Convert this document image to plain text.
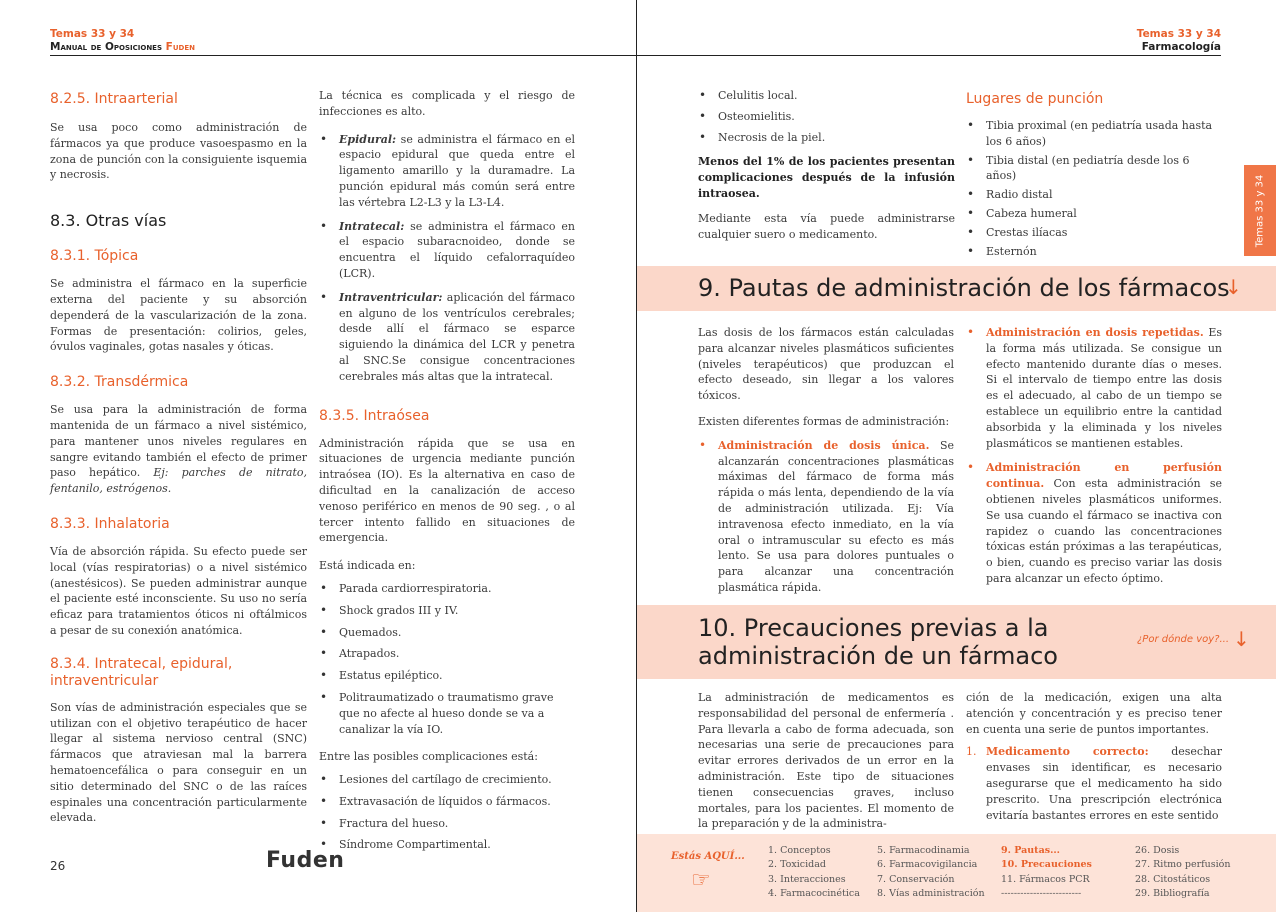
Temas 33 y 34
Manual de Oposiciones Fuden
8.2.5. Intraarterial

Se usa poco como administración de fármacos ya que produce vasoespasmo en la zona de punción con la consiguiente isquemia y necrosis.

8.3. Otras vías
8.3.1. Tópica

Se administra el fármaco en la superficie externa del paciente y su absorción dependerá de la vascularización de la zona. Formas de presentación: colirios, geles, óvulos vaginales, gotas nasales y óticas.

8.3.2. Transdérmica

Se usa para la administración de forma mantenida de un fármaco a nivel sistémico, para mantener unos niveles regulares en sangre evitando también el efecto de primer paso hepático. Ej: parches de nitrato, fentanilo, estrógenos.

8.3.3. Inhalatoria

Vía de absorción rápida. Su efecto puede ser local (vías respiratorias) o a nivel sistémico (anestésicos). Se pueden administrar aunque el paciente esté inconsciente. Su uso no sería eficaz para tratamientos óticos ni oftálmicos a pesar de su conexión anatómica.

8.3.4. Intratecal, epidural, intraventricular

Son vías de administración especiales que se utilizan con el objetivo terapéutico de hacer llegar al sistema nervioso central (SNC) fármacos que atraviesan mal la barrera hematoencefálica o para conseguir en un sitio determinado del SNC o de las raíces espinales una concentración particularmente elevada.

La técnica es complicada y el riesgo de infecciones es alto.

• Epidural: se administra el fármaco en el espacio epidural que queda entre el ligamento amarillo y la duramadre. La punción epidural más común será entre las vértebra L2-L3 y la L3-L4.
• Intratecal: se administra el fármaco en el espacio subaracnoideo, donde se encuentra el líquido cefalorraquídeo (LCR).
• Intraventricular: aplicación del fármaco en alguno de los ventrículos cerebrales; desde allí el fármaco se esparce siguiendo la dinámica del LCR y penetra al SNC.Se consigue concentraciones cerebrales más altas que la intratecal.
8.3.5. Intraósea

Administración rápida que se usa en situaciones de urgencia mediante punción intraósea (IO). Es la alternativa en caso de dificultad en la canalización de acceso venoso periférico en menos de 90 seg. , o al tercer intento fallido en situaciones de emergencia.

Está indicada en:

• Parada cardiorrespiratoria.
• Shock grados III y IV.
• Quemados.
• Atrapados.
• Estatus epiléptico.
• Politraumatizado o traumatismo grave que no afecte al hueso donde se va a canalizar la vía IO.

Entre las posibles complicaciones está:

• Lesiones del cartílago de crecimiento.
• Extravasación de líquidos o fármacos.
• Fractura del hueso.
• Síndrome Compartimental.
26	Fuden
Temas 33 y 34
Farmacología
Temas 33 y 34
• Celulitis local.
• Osteomielitis.
• Necrosis de la piel.

Menos del 1% de los pacientes presentan complicaciones después de la infusión intraosea.

Mediante esta vía puede administrarse cualquier suero o medicamento.

Lugares de punción
• Tibia proximal (en pediatría usada hasta los 6 años)
• Tibia distal (en pediatría desde los 6 años)
• Radio distal
• Cabeza humeral
• Crestas ilíacas
• Esternón
9. Pautas de administración de los fármacos
↓

Las dosis de los fármacos están calculadas para alcanzar niveles plasmáticos suficientes (niveles terapéuticos) que produzcan el efecto deseado, sin llegar a los valores tóxicos.

Existen diferentes formas de administración:

• Administración de dosis única. Se alcanzarán concentraciones plasmáticas máximas del fármaco de forma más rápida o más lenta, dependiendo de la vía de administración utilizada. Ej: Vía intravenosa efecto inmediato, en la vía oral o intramuscular su efecto es más lento. Se usa para dolores puntuales o para alcanzar una concentración plasmática rápida.
• Administración en dosis repetidas. Es la forma más utilizada. Se consigue un efecto mantenido durante días o meses. Si el intervalo de tiempo entre las dosis es el adecuado, al cabo de un tiempo se establece un equilibrio entre la cantidad absorbida y la eliminada y los niveles plasmáticos se mantienen estables.
• Administración en perfusión continua. Con esta administración se obtienen niveles plasmáticos uniformes. Se usa cuando el fármaco se inactiva con rapidez o cuando las concentraciones tóxicas están próximas a las terapéuticas, o bien, cuando es preciso variar las dosis para alcanzar un efecto óptimo.
10. Precauciones previas a la
administración de un fármaco
¿Por dónde voy?... ↓

La administración de medicamentos es responsabilidad del personal de enfermería . Para llevarla a cabo de forma adecuada, son necesarias una serie de precauciones para evitar errores derivados de un error en la administración. Este tipo de situaciones tienen consecuencias graves, incluso mortales, para los pacientes. El momento de la preparación y de la administra-

ción de la medicación, exigen una alta atención y concentración y es preciso tener en cuenta una serie de puntos importantes.

1. Medicamento correcto: desechar envases sin identificar, es necesario asegurarse que el medicamento ha sido prescrito. Una prescripción electrónica evitaría bastantes errores en este sentido
Estás AQUÍ...
☞
1. Conceptos
2. Toxicidad
3. Interacciones
4. Farmacocinética
5. Farmacodinamia
6. Farmacovigilancia
7. Conservación
8. Vías administración
9. Pautas...
10. Precauciones
11. Fármacos PCR
-------------------------
26. Dosis
27. Ritmo perfusión
28. Citostáticos
29. Bibliografía
